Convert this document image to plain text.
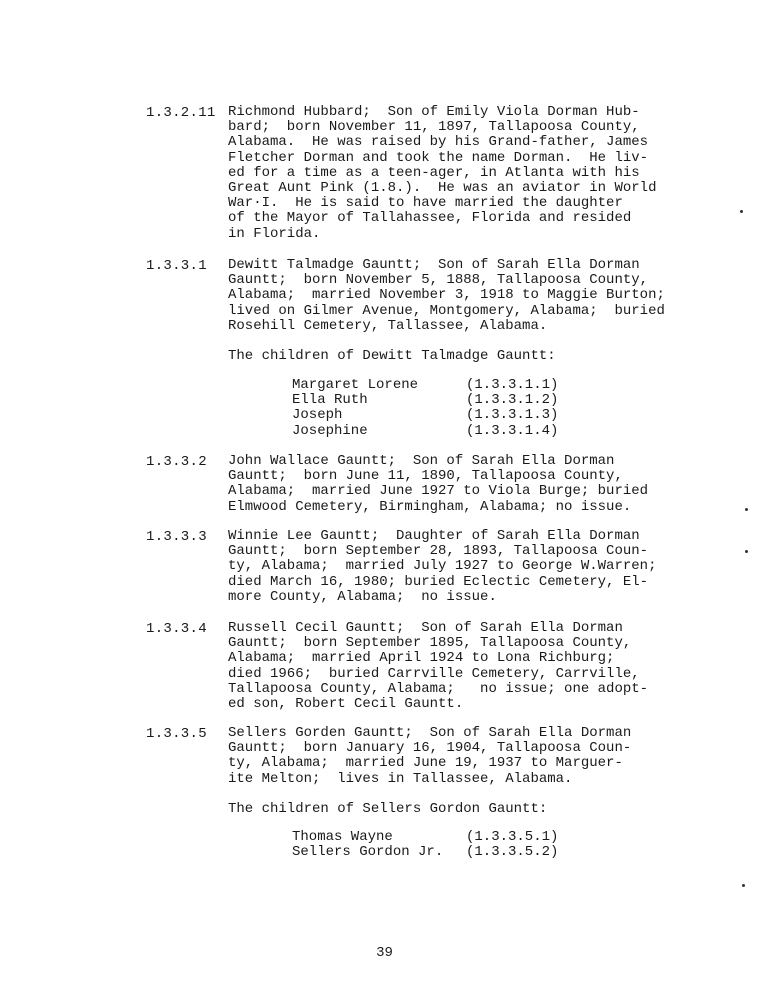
1.3.2.11 Richmond Hubbard;  Son of Emily Viola Dorman Hub-
bard;  born November 11, 1897, Tallapoosa County,
Alabama.  He was raised by his Grand-father, James
Fletcher Dorman and took the name Dorman.  He liv-
ed for a time as a teen-ager, in Atlanta with his
Great Aunt Pink (1.8.).  He was an aviator in World
War·I.  He is said to have married the daughter
of the Mayor of Tallahassee, Florida and resided
in Florida.
1.3.3.1 Dewitt Talmadge Gauntt;  Son of Sarah Ella Dorman
Gauntt;  born November 5, 1888, Tallapoosa County,
Alabama;  married November 3, 1918 to Maggie Burton;
lived on Gilmer Avenue, Montgomery, Alabama;  buried
Rosehill Cemetery, Tallassee, Alabama.
The children of Dewitt Talmadge Gauntt:
Margaret Lorene	(1.3.3.1.1)
Ella Ruth	(1.3.3.1.2)
Joseph	(1.3.3.1.3)
Josephine	(1.3.3.1.4)
1.3.3.2 John Wallace Gauntt;  Son of Sarah Ella Dorman
Gauntt;  born June 11, 1890, Tallapoosa County,
Alabama;  married June 1927 to Viola Burge; buried
Elmwood Cemetery, Birmingham, Alabama; no issue.
1.3.3.3 Winnie Lee Gauntt;  Daughter of Sarah Ella Dorman
Gauntt;  born September 28, 1893, Tallapoosa Coun-
ty, Alabama;  married July 1927 to George W.Warren;
died March 16, 1980; buried Eclectic Cemetery, El-
more County, Alabama;  no issue.
1.3.3.4 Russell Cecil Gauntt;  Son of Sarah Ella Dorman
Gauntt;  born September 1895, Tallapoosa County,
Alabama;  married April 1924 to Lona Richburg;
died 1966;  buried Carrville Cemetery, Carrville,
Tallapoosa County, Alabama;   no issue; one adopt-
ed son, Robert Cecil Gauntt.
1.3.3.5 Sellers Gorden Gauntt;  Son of Sarah Ella Dorman
Gauntt;  born January 16, 1904, Tallapoosa Coun-
ty, Alabama;  married June 19, 1937 to Marguer-
ite Melton;  lives in Tallassee, Alabama.
The children of Sellers Gordon Gauntt:
Thomas Wayne	(1.3.3.5.1)
Sellers Gordon Jr. (1.3.3.5.2)
39
